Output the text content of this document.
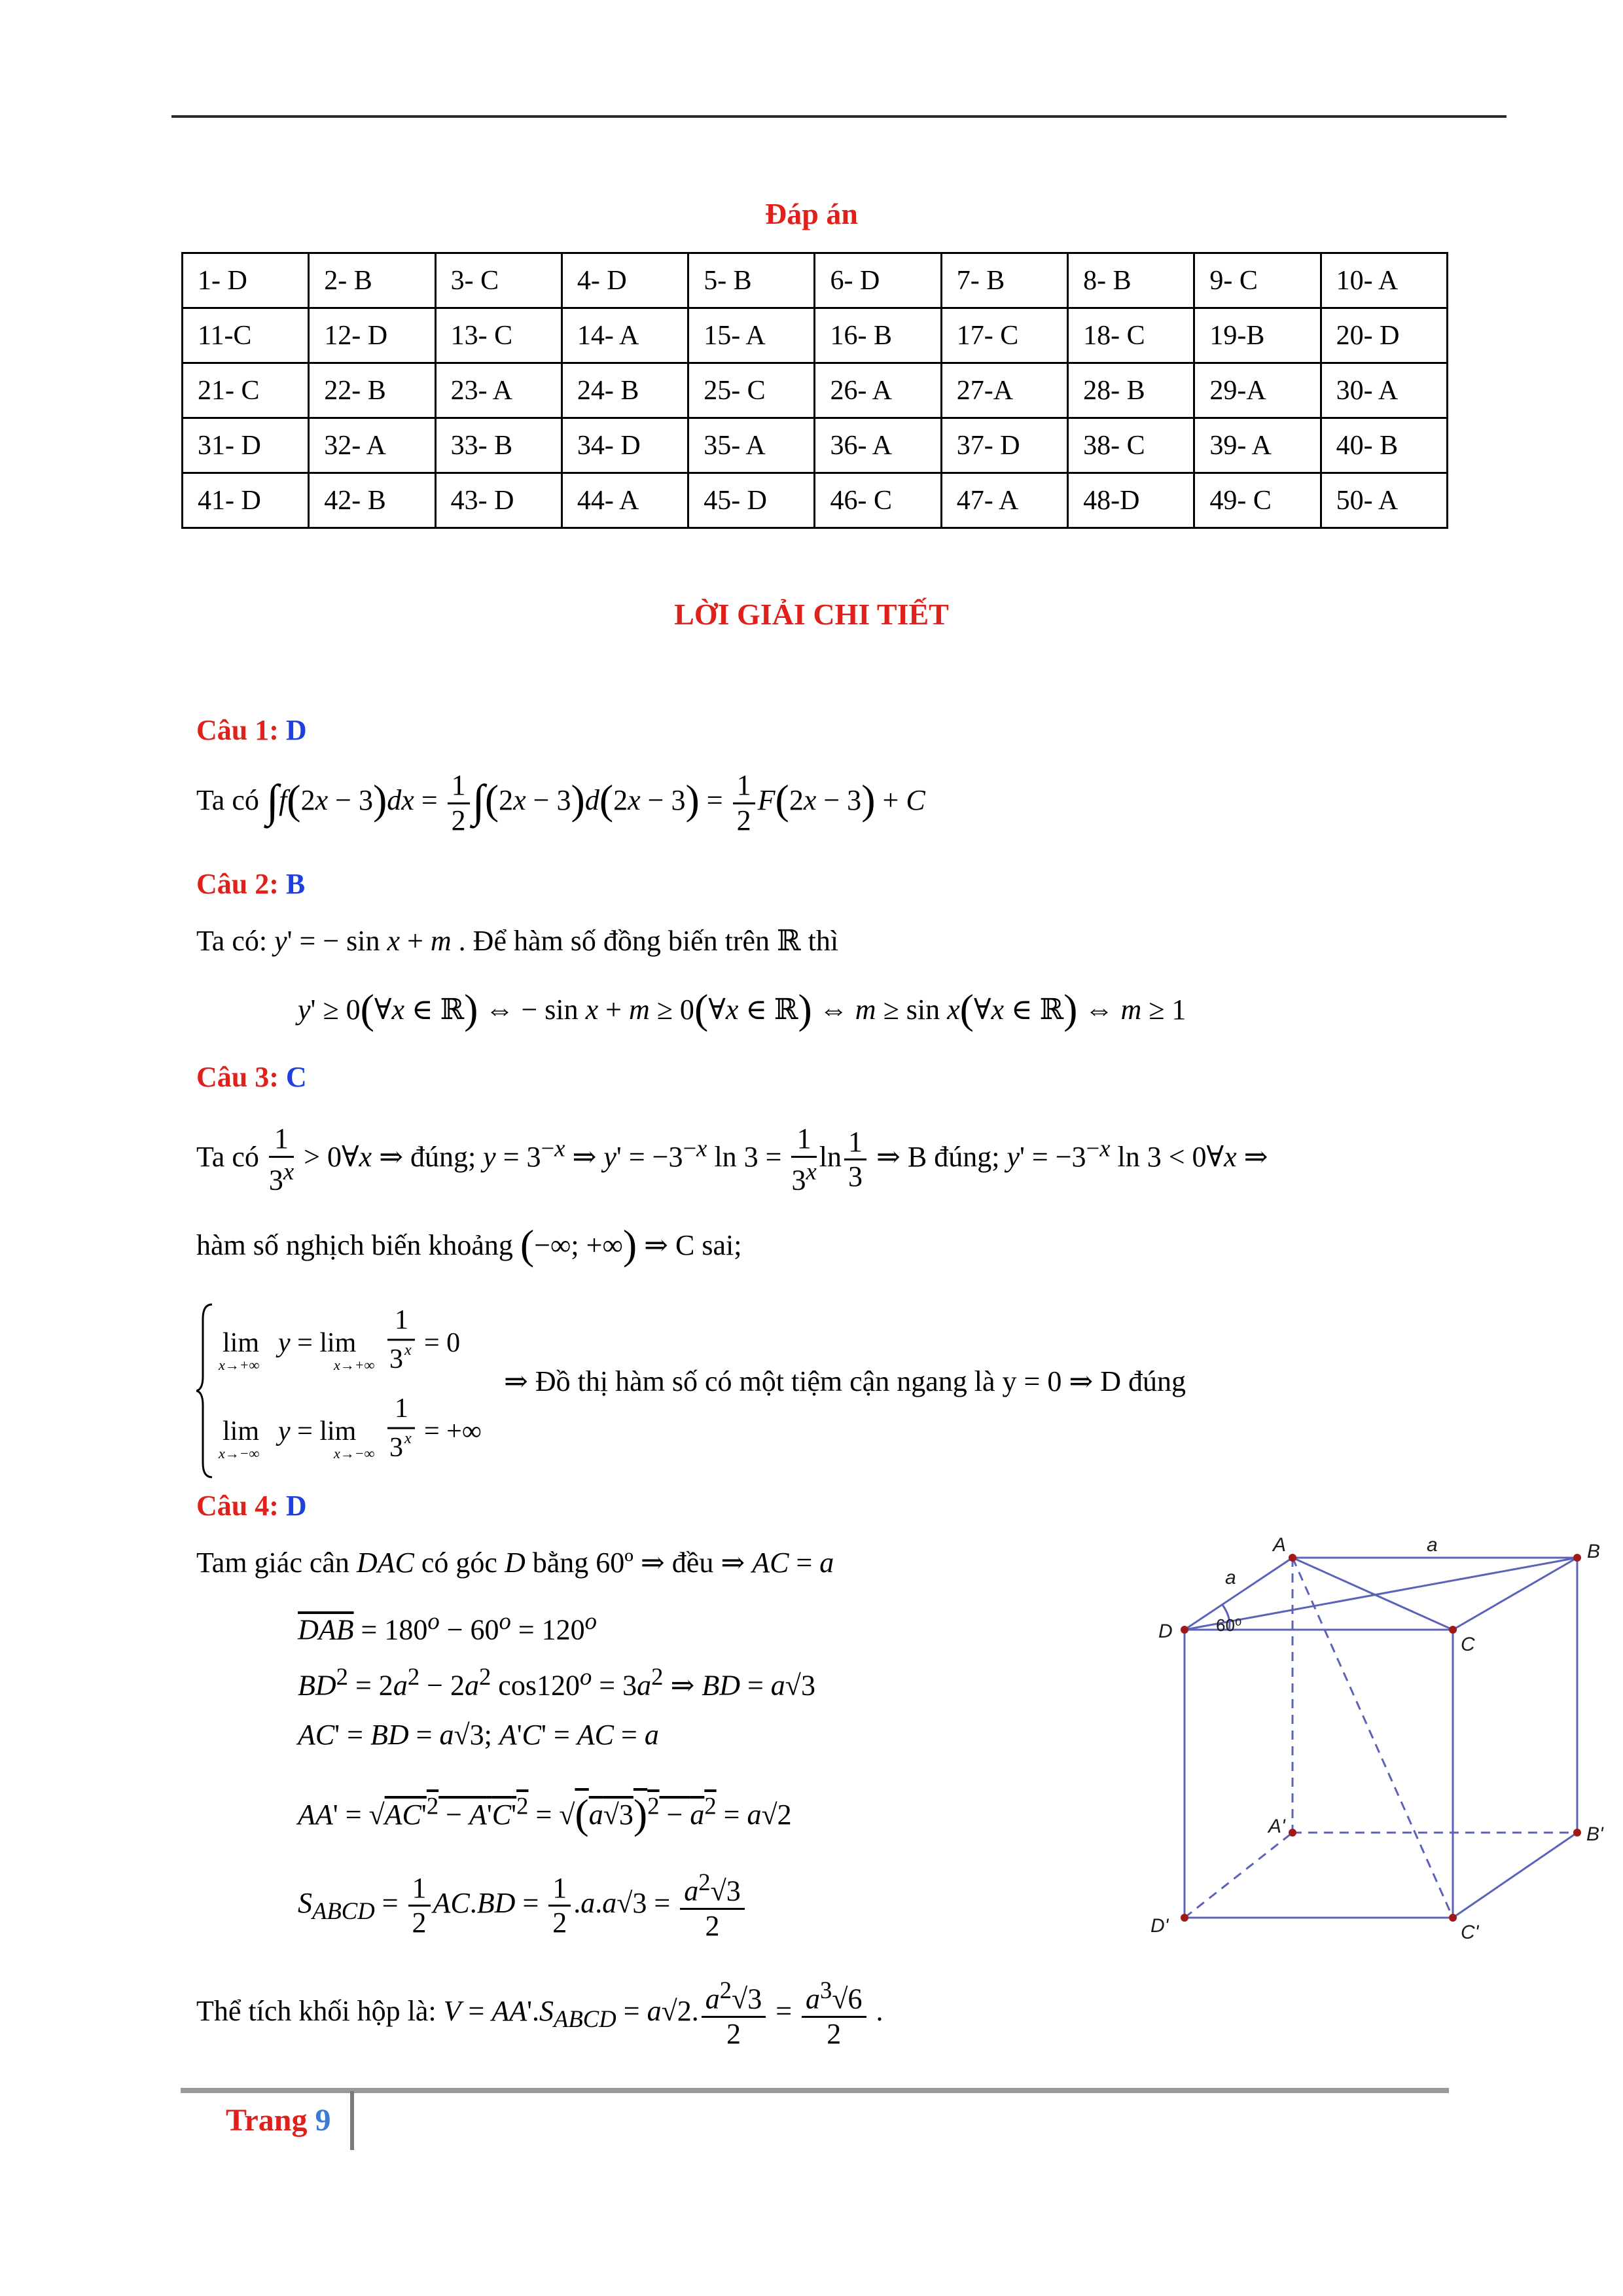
Đáp án
1- D	2- B	3- C	4- D	5- B	6- D	7- B	8- B	9- C	10- A
11-C	12- D	13- C	14- A	15- A	16- B	17- C	18- C	19-B	20- D
21- C	22- B	23- A	24- B	25- C	26- A	27-A	28- B	29-A	30- A
31- D	32- A	33- B	34- D	35- A	36- A	37- D	38- C	39- A	40- B
41- D	42- B	43- D	44- A	45- D	46- C	47- A	48-D	49- C	50- A
LỜI GIẢI CHI TIẾT
Câu 1: D
Ta có $\int f(2x - 3)dx = \frac{1}{2} \int(2x - 3)d(2x - 3) = \frac{1}{2} F(2x - 3) + C$
Câu 2: B
Ta có: y' = − sin x + m . Để hàm số đồng biến trên ℝ thì
y' ≥ 0(∀x ∈ ℝ) ⇔ − sin x + m ≥ 0(∀x ∈ ℝ) ⇔ m ≥ sin x(∀x ∈ ℝ) ⇔ m ≥ 1
Câu 3: C
Ta có $\frac{1}{3^x}$ > 0∀x ⇒ đúng; $y = 3^{-x}$ ⇒ $y' = -3^{-x}$ $\ln 3 = \frac{1}{3^x}$ $\ln \frac{1}{3}$ ⇒ B đúng; $y' = -3^{-x}$ ln 3 < 0∀x ⇒
hàm số nghịch biến khoảng (−∞; +∞) ⇒ C sai;
lim
x→+∞
y = lim
x→+∞
1
3 x = 0
lim
x→−∞
y = lim
x→−∞
1
3 x = +∞
⇒ Đồ thị hàm số có một tiệm cận ngang là y = 0 ⇒ D đúng
Câu 4: D
Tam giác cân DAC có góc D bằng 60º ⇒ đều ⇒ AC = a
$\overline{DAB} = 180^o - 60^o = 120^o$
$BD^2 = 2a^2 - 2a^2$ $\cos 120^o = 3a^2$ ⇒ BD = a√3
AC' = BD = a√3; A'C' = AC = a
$AA' = √AC'^2 - A'C'^2 = √(a√3)^2 - a^2 = a√2$
$S_{ABCD} = \frac{1}{2} AC.BD = \frac{1}{2} .a.a√3 = \frac{a^2√3}{2}$
Thể tích khối hộp là: $V = AA'.S_{ABCD} = a√2$. $\frac{a^2√3}{2} = \frac{a^3√6}{2}$ .
A	B
C
D
A'	B'
C'
D'
a
a
60⁰
Trang 9
